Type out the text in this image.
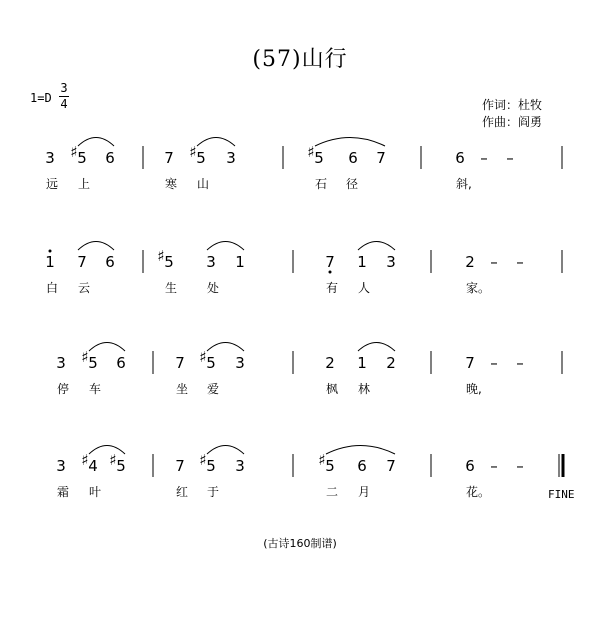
(57)山行
1=D
3
4	作词：杜牧
作曲：阎勇
3 5
♯ 6
远 上
7 5
♯ 3
寒 山
5
♯ 6 7
石 径
6 – –
斜,
1 7 6
白 云
5
♯	3 1
生 处
7 1 3
有 人
2 – –
家。
3 5
♯ 6
停 车
7 5
♯ 3
坐 爱
2 1 2
枫 林
7 – –
晚,
3 4
♯ 5
♯
霜 叶
7 5
♯ 3
红 于
5
♯ 6 7
二 月
6 – –
花。	FINE
(古诗160制谱)
